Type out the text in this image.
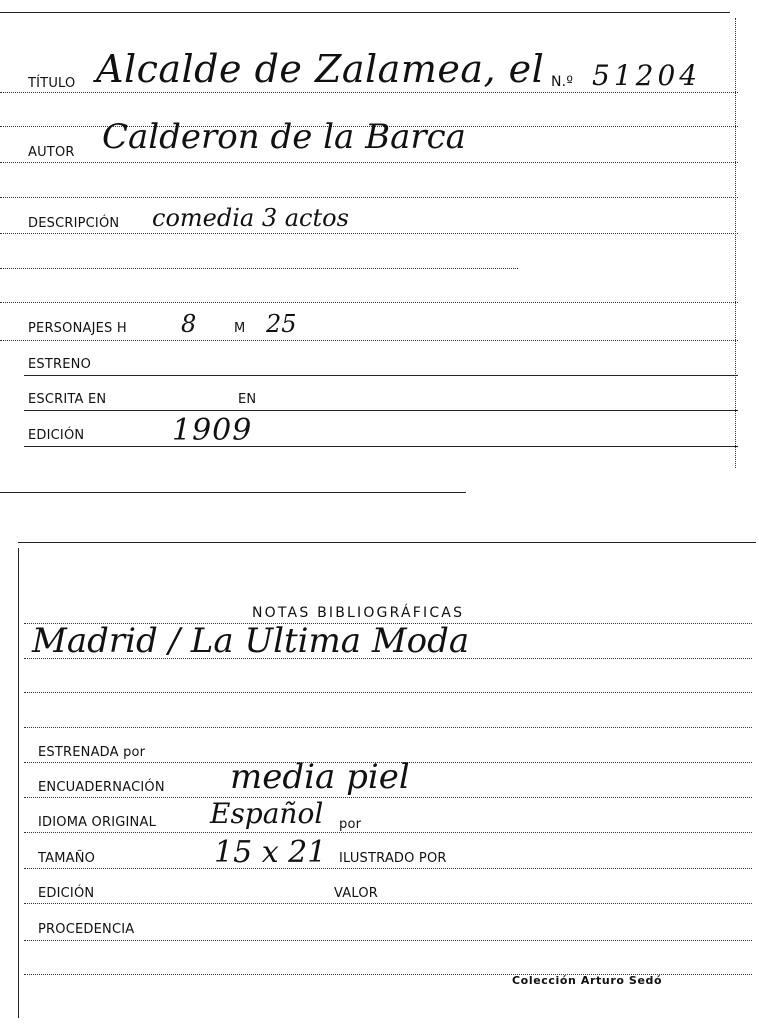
TÍTULO Alcalde de Zalamea, el N.º 51204
AUTOR Calderon de la Barca
DESCRIPCIÓN comedia 3 actos
PERSONAJES H 8	M 25
ESTRENO
ESCRITA EN	EN
EDICIÓN	1909
NOTAS BIBLIOGRÁFICAS
Madrid / La Ultima Moda
ESTRENADA por
ENCUADERNACIÓN media piel
IDIOMA ORIGINAL Español por
TAMAÑO	15 x 21 ILUSTRADO POR
EDICIÓN	VALOR
PROCEDENCIA
Colección Arturo Sedó
